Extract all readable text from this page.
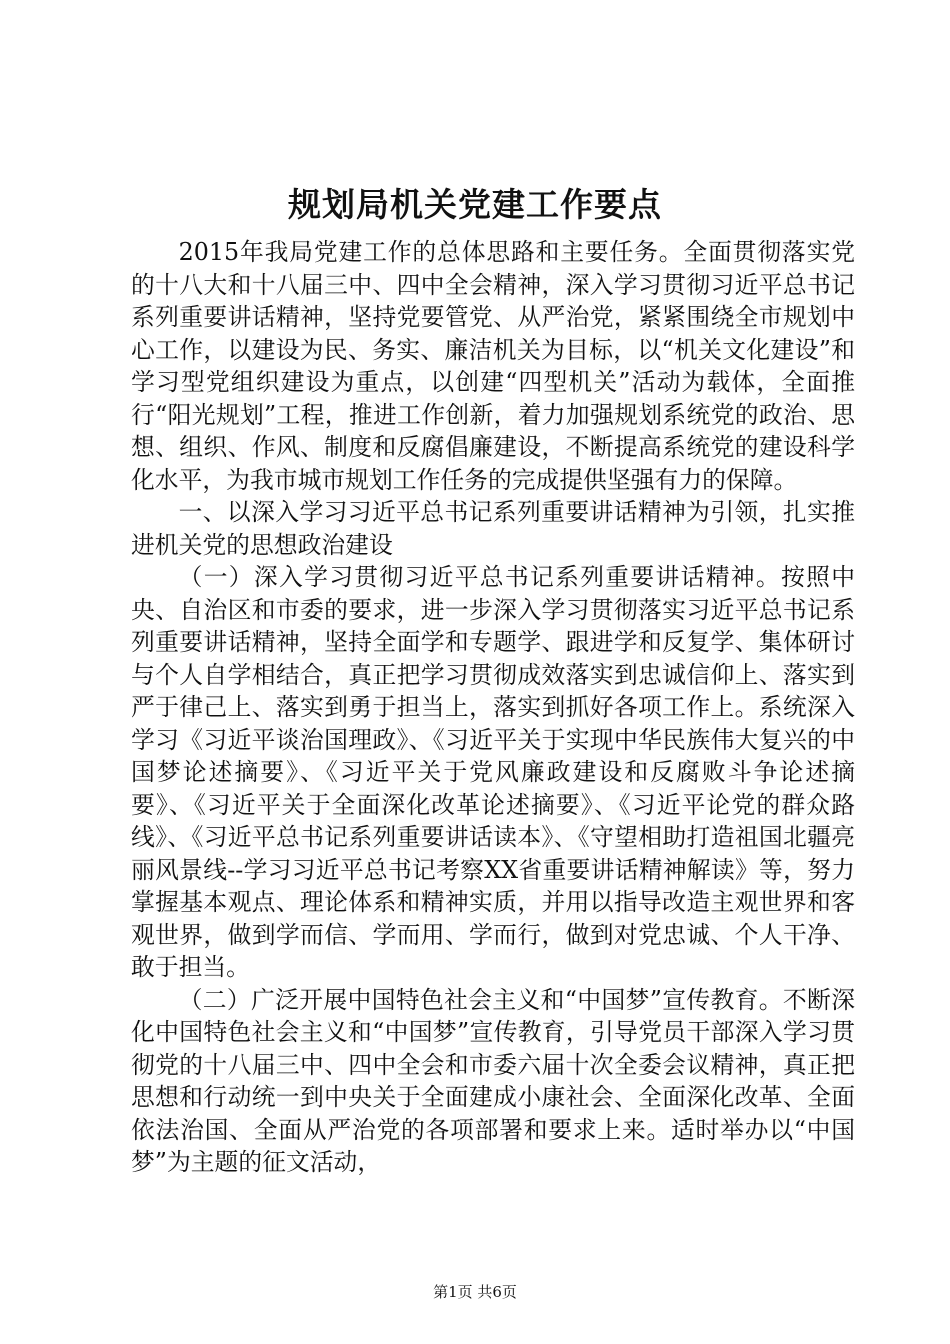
规划局机关党建工作要点

2015年我局党建工作的总体思路和主要任务。全面贯彻落实党的十八大和十八届三中、四中全会精神，深入学习贯彻习近平总书记系列重要讲话精神，坚持党要管党、从严治党，紧紧围绕全市规划中心工作，以建设为民、务实、廉洁机关为目标，以“机关文化建设”和学习型党组织建设为重点，以创建“四型机关”活动为载体，全面推行“阳光规划”工程，推进工作创新，着力加强规划系统党的政治、思想、组织、作风、制度和反腐倡廉建设，不断提高系统党的建设科学化水平，为我市城市规划工作任务的完成提供坚强有力的保障。

一、以深入学习习近平总书记系列重要讲话精神为引领，扎实推进机关党的思想政治建设

（一）深入学习贯彻习近平总书记系列重要讲话精神。按照中央、自治区和市委的要求，进一步深入学习贯彻落实习近平总书记系列重要讲话精神，坚持全面学和专题学、跟进学和反复学、集体研讨与个人自学相结合，真正把学习贯彻成效落实到忠诚信仰上、落实到严于律己上、落实到勇于担当上，落实到抓好各项工作上。系统深入学习《习近平谈治国理政》、《习近平关于实现中华民族伟大复兴的中国梦论述摘要》、《习近平关于党风廉政建设和反腐败斗争论述摘要》、《习近平关于全面深化改革论述摘要》、《习近平论党的群众路线》、《习近平总书记系列重要讲话读本》、《守望相助打造祖国北疆亮丽风景线--学习习近平总书记考察XX省重要讲话精神解读》等，努力掌握基本观点、理论体系和精神实质，并用以指导改造主观世界和客观世界，做到学而信、学而用、学而行，做到对党忠诚、个人干净、敢于担当。

（二）广泛开展中国特色社会主义和“中国梦”宣传教育。不断深化中国特色社会主义和“中国梦”宣传教育，引导党员干部深入学习贯彻党的十八届三中、四中全会和市委六届十次全委会议精神，真正把思想和行动统一到中央关于全面建成小康社会、全面深化改革、全面依法治国、全面从严治党的各项部署和要求上来。适时举办以“中国梦”为主题的征文活动，

第1页 共6页
